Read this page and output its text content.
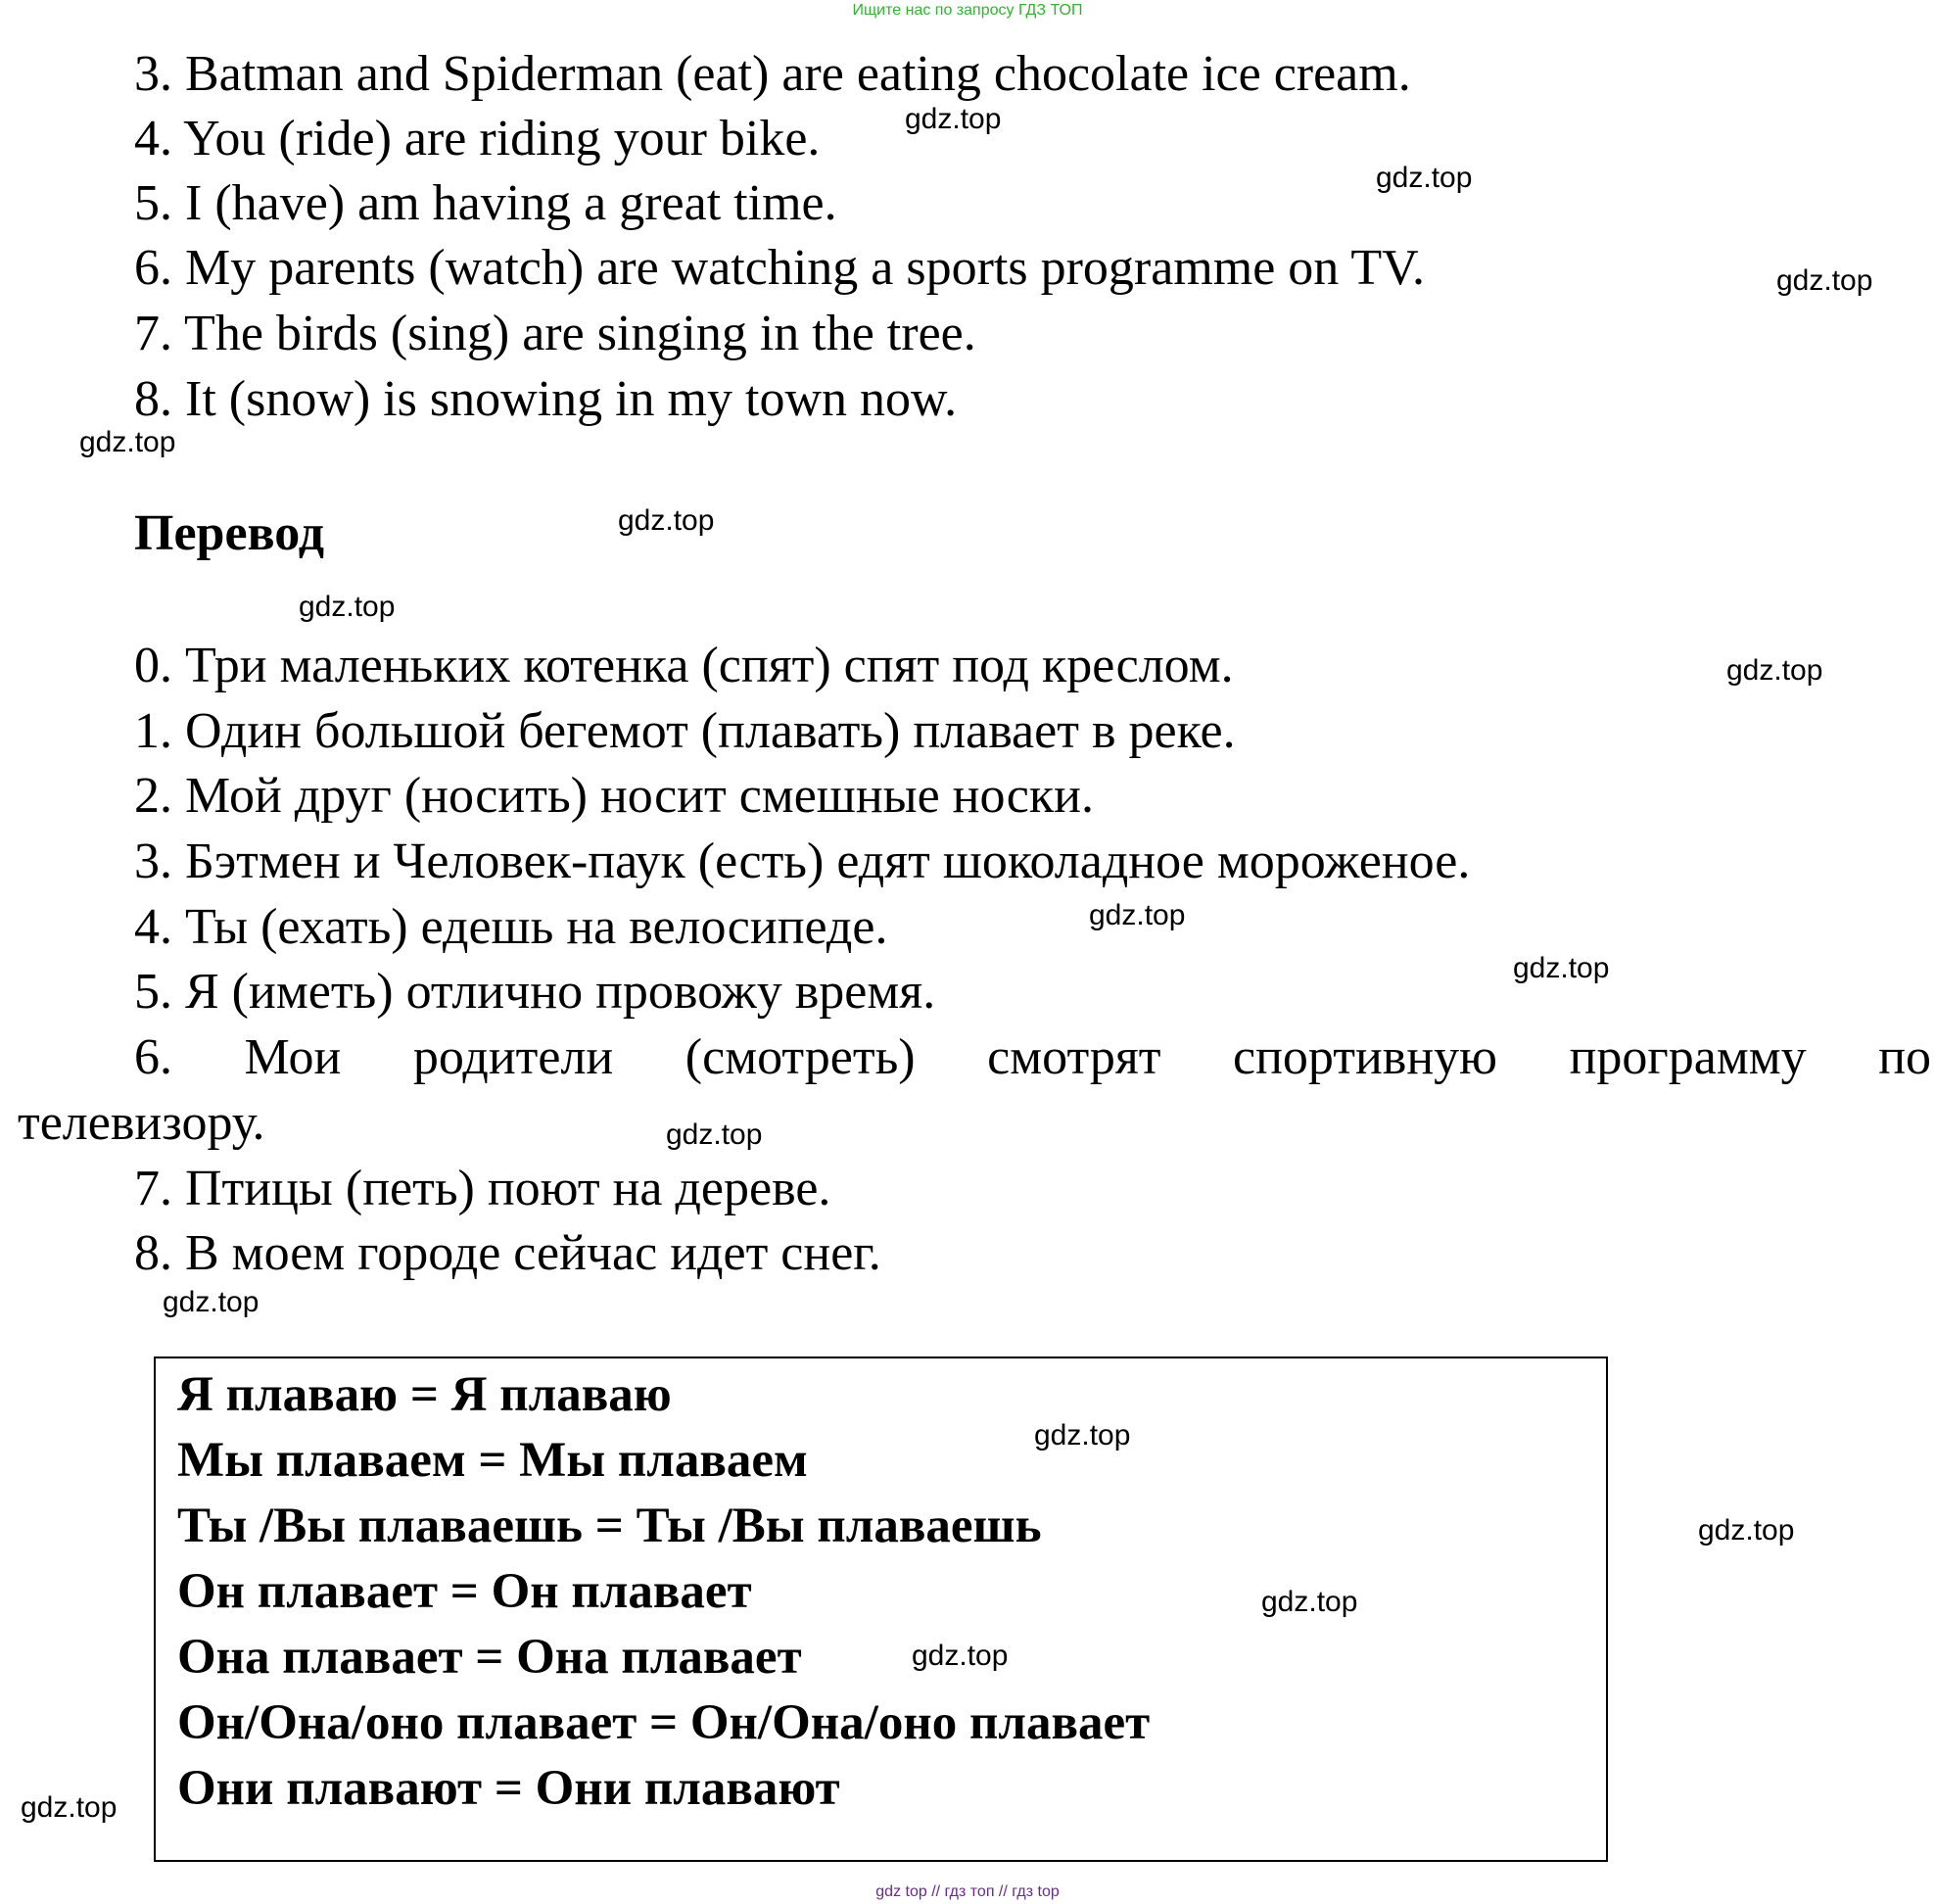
Ищите нас по запросу ГДЗ ТОП
3. Batman and Spiderman (eat) are eating chocolate ice cream.
4. You (ride) are riding your bike.
5. I (have) am having a great time.
6. My parents (watch) are watching a sports programme on TV.
7. The birds (sing) are singing in the tree.
8. It (snow) is snowing in my town now.
Перевод
0. Три маленьких котенка (спят) спят под креслом.
1. Один большой бегемот (плавать) плавает в реке.
2. Мой друг (носить) носит смешные носки.
3. Бэтмен и Человек-паук (есть) едят шоколадное мороженое.
4. Ты (ехать) едешь на велосипеде.
5. Я (иметь) отлично провожу время.
6. Мои родители (смотреть) смотрят спортивную программу по
телевизору.
7. Птицы (петь) поют на дереве.
8. В моем городе сейчас идет снег.
Я плаваю = Я плаваю
Мы плаваем = Мы плаваем
Ты /Вы плаваешь = Ты /Вы плаваешь
Он плавает = Он плавает
Она плавает = Она плавает
Он/Она/оно плавает = Он/Она/оно плавает
Они плавают = Они плавают
gdz.top
gdz.top
gdz.top
gdz.top
gdz.top
gdz.top
gdz.top
gdz.top
gdz.top
gdz.top
gdz.top
gdz.top
gdz.top
gdz.top
gdz.top
gdz.top
gdz top // гдз топ // гдз top
